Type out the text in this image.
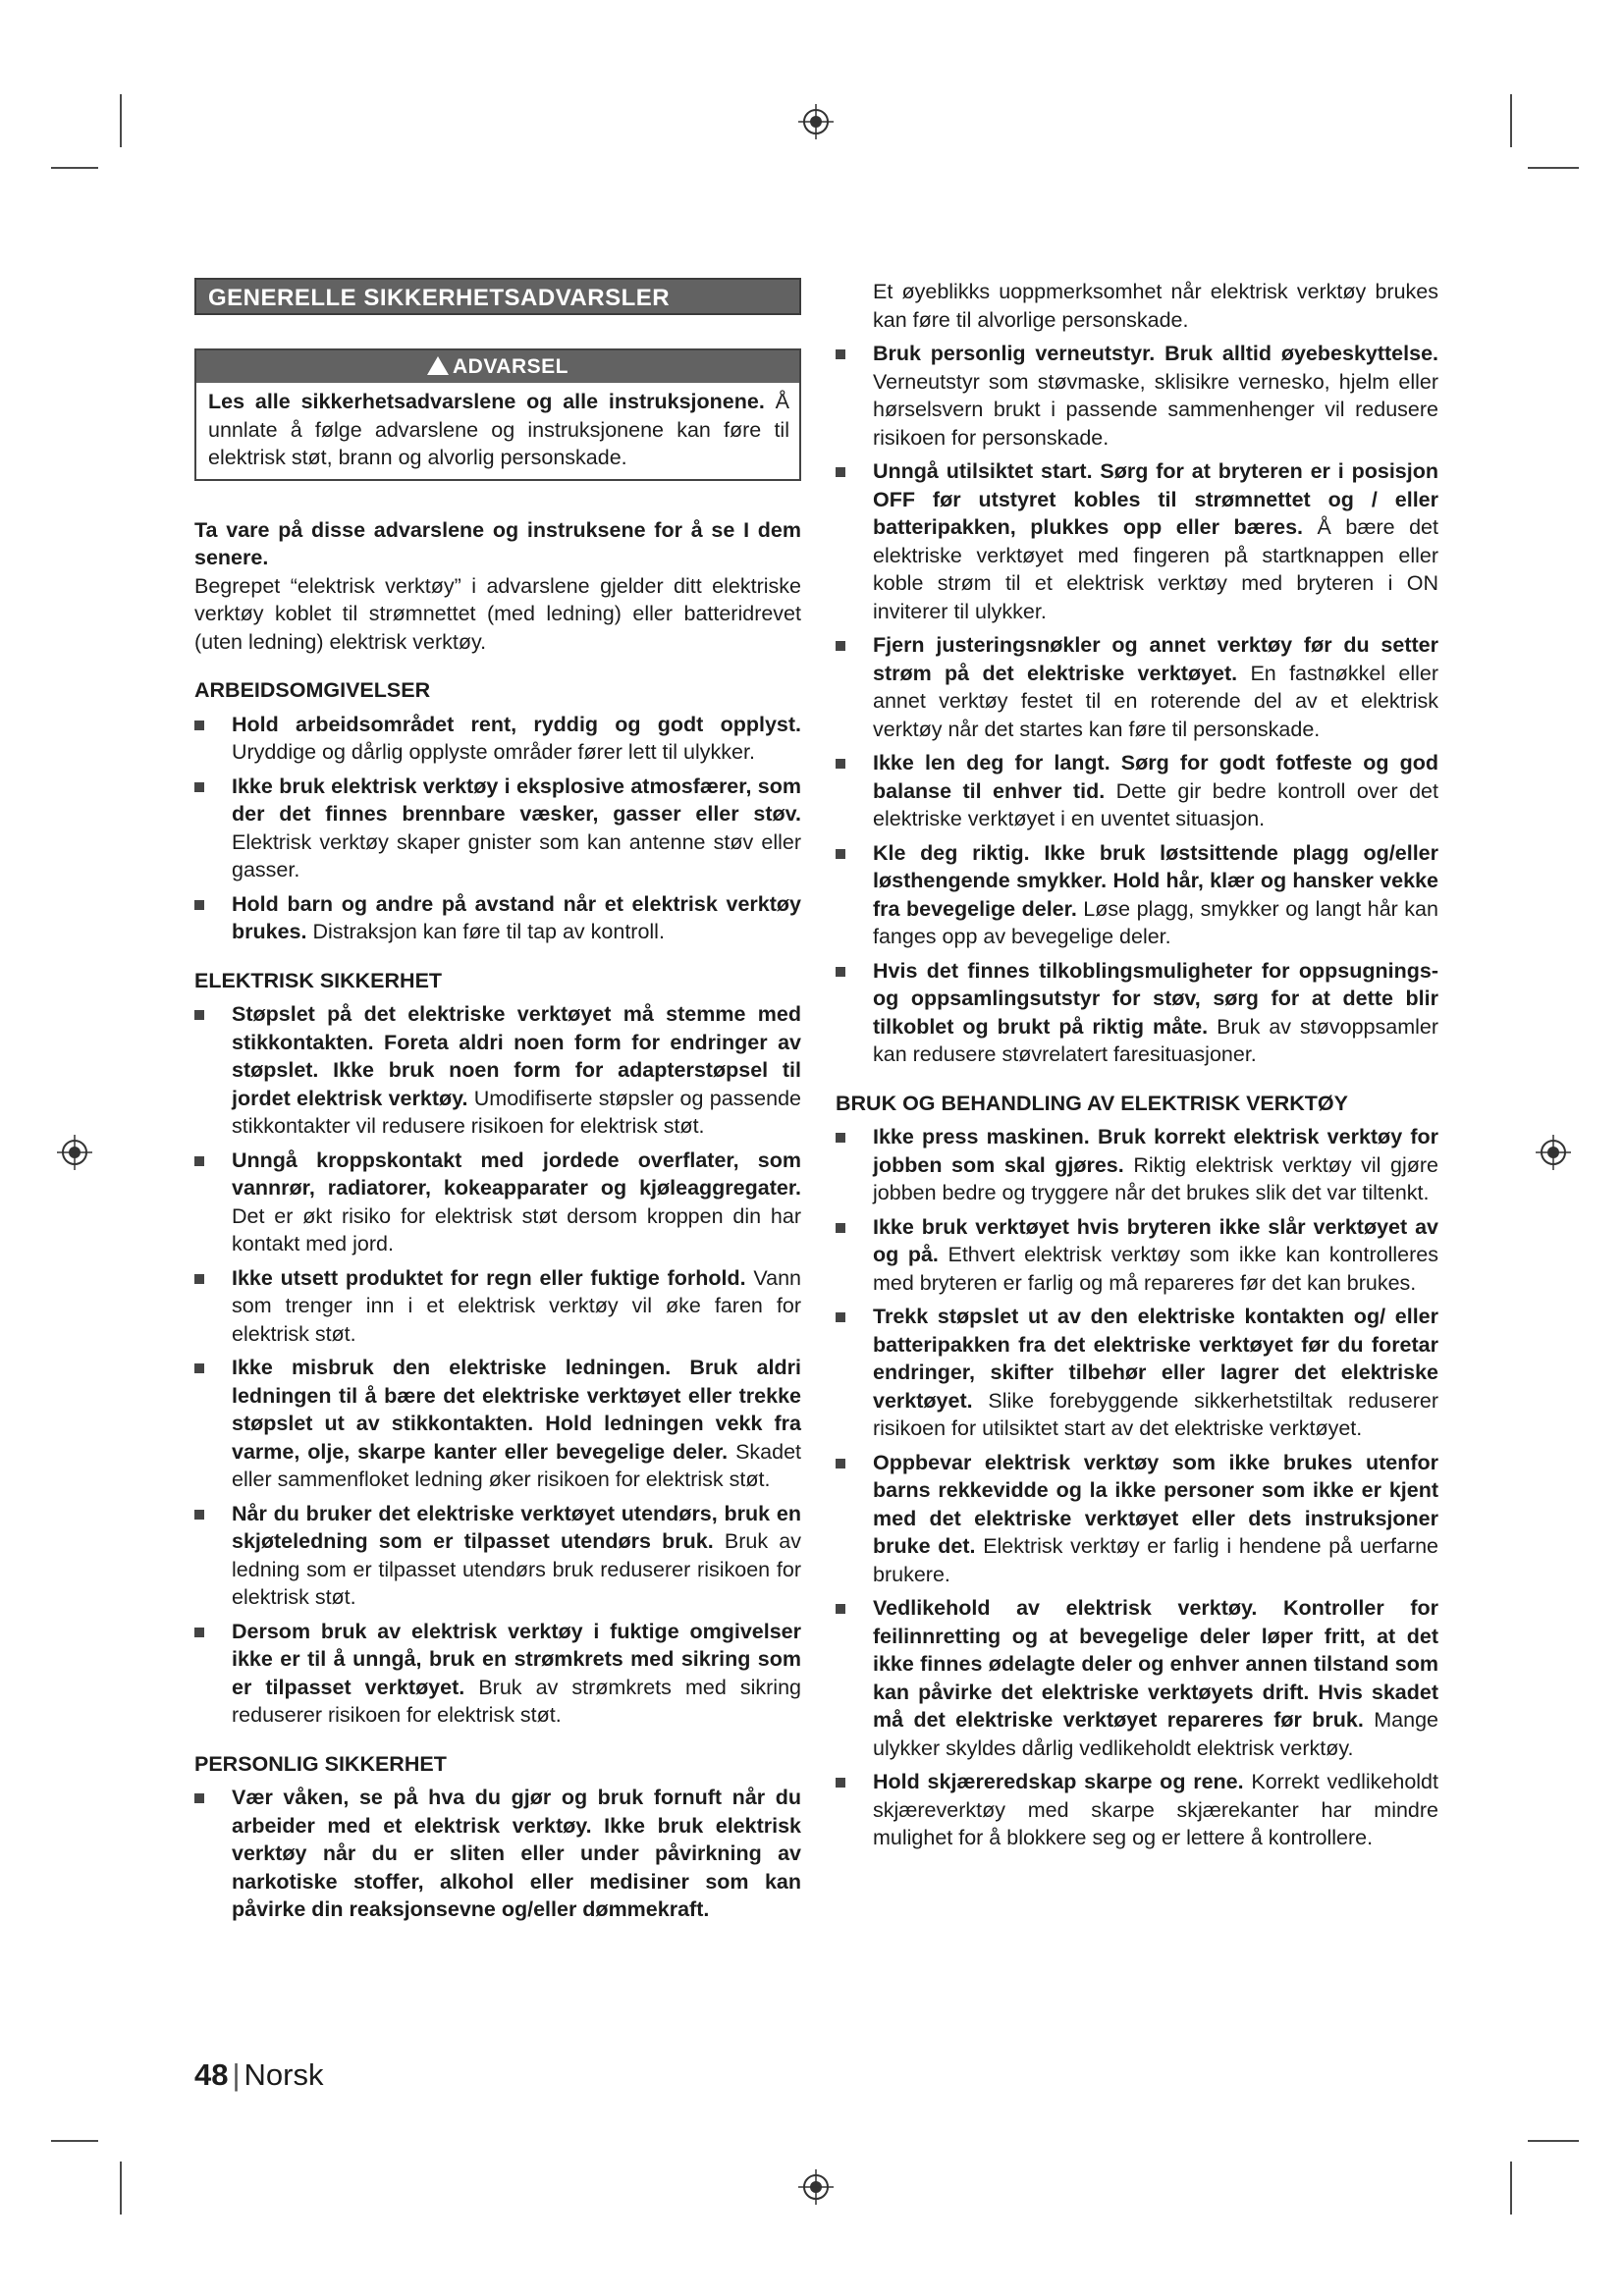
GENERELLE SIKKERHETSADVARSLER
ADVARSEL
Les alle sikkerhetsadvarslene og alle instruksjonene. Å unnlate å følge advarslene og instruksjonene kan føre til elektrisk støt, brann og alvorlig personskade.

Ta vare på disse advarslene og instruksene for å se I dem senere.

Begrepet “elektrisk verktøy” i advarslene gjelder ditt elektriske verktøy koblet til strømnettet (med ledning) eller batteridrevet (uten ledning) elektrisk verktøy.

ARBEIDSOMGIVELSER
Hold arbeidsområdet rent, ryddig og godt opplyst. Uryddige og dårlig opplyste områder fører lett til ulykker.
Ikke bruk elektrisk verktøy i eksplosive atmosfærer, som der det finnes brennbare væsker, gasser eller støv. Elektrisk verktøy skaper gnister som kan antenne støv eller gasser.
Hold barn og andre på avstand når et elektrisk verktøy brukes. Distraksjon kan føre til tap av kontroll.
ELEKTRISK SIKKERHET
Støpslet på det elektriske verktøyet må stemme med stikkontakten. Foreta aldri noen form for endringer av støpslet. Ikke bruk noen form for adapterstøpsel til jordet elektrisk verktøy. Umodifiserte støpsler og passende stikkontakter vil redusere risikoen for elektrisk støt.
Unngå kroppskontakt med jordede overflater, som vannrør, radiatorer, kokeapparater og kjøleaggregater. Det er økt risiko for elektrisk støt dersom kroppen din har kontakt med jord.
Ikke utsett produktet for regn eller fuktige forhold. Vann som trenger inn i et elektrisk verktøy vil øke faren for elektrisk støt.
Ikke misbruk den elektriske ledningen. Bruk aldri ledningen til å bære det elektriske verktøyet eller trekke støpslet ut av stikkontakten. Hold ledningen vekk fra varme, olje, skarpe kanter eller bevegelige deler. Skadet eller sammenfloket ledning øker risikoen for elektrisk støt.
Når du bruker det elektriske verktøyet utendørs, bruk en skjøteledning som er tilpasset utendørs bruk. Bruk av ledning som er tilpasset utendørs bruk reduserer risikoen for elektrisk støt.
Dersom bruk av elektrisk verktøy i fuktige omgivelser ikke er til å unngå, bruk en strømkrets med sikring som er tilpasset verktøyet. Bruk av strømkrets med sikring reduserer risikoen for elektrisk støt.
PERSONLIG SIKKERHET
Vær våken, se på hva du gjør og bruk fornuft når du arbeider med et elektrisk verktøy. Ikke bruk elektrisk verktøy når du er sliten eller under påvirkning av narkotiske stoffer, alkohol eller medisiner som kan påvirke din reaksjonsevne og/eller dømmekraft.

Et øyeblikks uoppmerksomhet når elektrisk verktøy brukes kan føre til alvorlige personskade.

Bruk personlig verneutstyr. Bruk alltid øyebeskyttelse. Verneutstyr som støvmaske, sklisikre vernesko, hjelm eller hørselsvern brukt i passende sammenhenger vil redusere risikoen for personskade.
Unngå utilsiktet start. Sørg for at bryteren er i posisjon OFF før utstyret kobles til strømnettet og / eller batteripakken, plukkes opp eller bæres. Å bære det elektriske verktøyet med fingeren på startknappen eller koble strøm til et elektrisk verktøy med bryteren i ON inviterer til ulykker.
Fjern justeringsnøkler og annet verktøy før du setter strøm på det elektriske verktøyet. En fastnøkkel eller annet verktøy festet til en roterende del av et elektrisk verktøy når det startes kan føre til personskade.
Ikke len deg for langt. Sørg for godt fotfeste og god balanse til enhver tid. Dette gir bedre kontroll over det elektriske verktøyet i en uventet situasjon.
Kle deg riktig. Ikke bruk løstsittende plagg og/eller løsthengende smykker. Hold hår, klær og hansker vekke fra bevegelige deler. Løse plagg, smykker og langt hår kan fanges opp av bevegelige deler.
Hvis det finnes tilkoblingsmuligheter for oppsugnings- og oppsamlingsutstyr for støv, sørg for at dette blir tilkoblet og brukt på riktig måte. Bruk av støvoppsamler kan redusere støvrelatert faresituasjoner.
BRUK OG BEHANDLING AV ELEKTRISK VERKTØY
Ikke press maskinen. Bruk korrekt elektrisk verktøy for jobben som skal gjøres. Riktig elektrisk verktøy vil gjøre jobben bedre og tryggere når det brukes slik det var tiltenkt.
Ikke bruk verktøyet hvis bryteren ikke slår verktøyet av og på. Ethvert elektrisk verktøy som ikke kan kontrolleres med bryteren er farlig og må repareres før det kan brukes.
Trekk støpslet ut av den elektriske kontakten og/ eller batteripakken fra det elektriske verktøyet før du foretar endringer, skifter tilbehør eller lagrer det elektriske verktøyet. Slike forebyggende sikkerhetstiltak reduserer risikoen for utilsiktet start av det elektriske verktøyet.
Oppbevar elektrisk verktøy som ikke brukes utenfor barns rekkevidde og la ikke personer som ikke er kjent med det elektriske verktøyet eller dets instruksjoner bruke det. Elektrisk verktøy er farlig i hendene på uerfarne brukere.
Vedlikehold av elektrisk verktøy. Kontroller for feilinnretting og at bevegelige deler løper fritt, at det ikke finnes ødelagte deler og enhver annen tilstand som kan påvirke det elektriske verktøyets drift. Hvis skadet må det elektriske verktøyet repareres før bruk. Mange ulykker skyldes dårlig vedlikeholdt elektrisk verktøy.
Hold skjæreredskap skarpe og rene. Korrekt vedlikeholdt skjæreverktøy med skarpe skjærekanter har mindre mulighet for å blokkere seg og er lettere å kontrollere.
48 | Norsk
